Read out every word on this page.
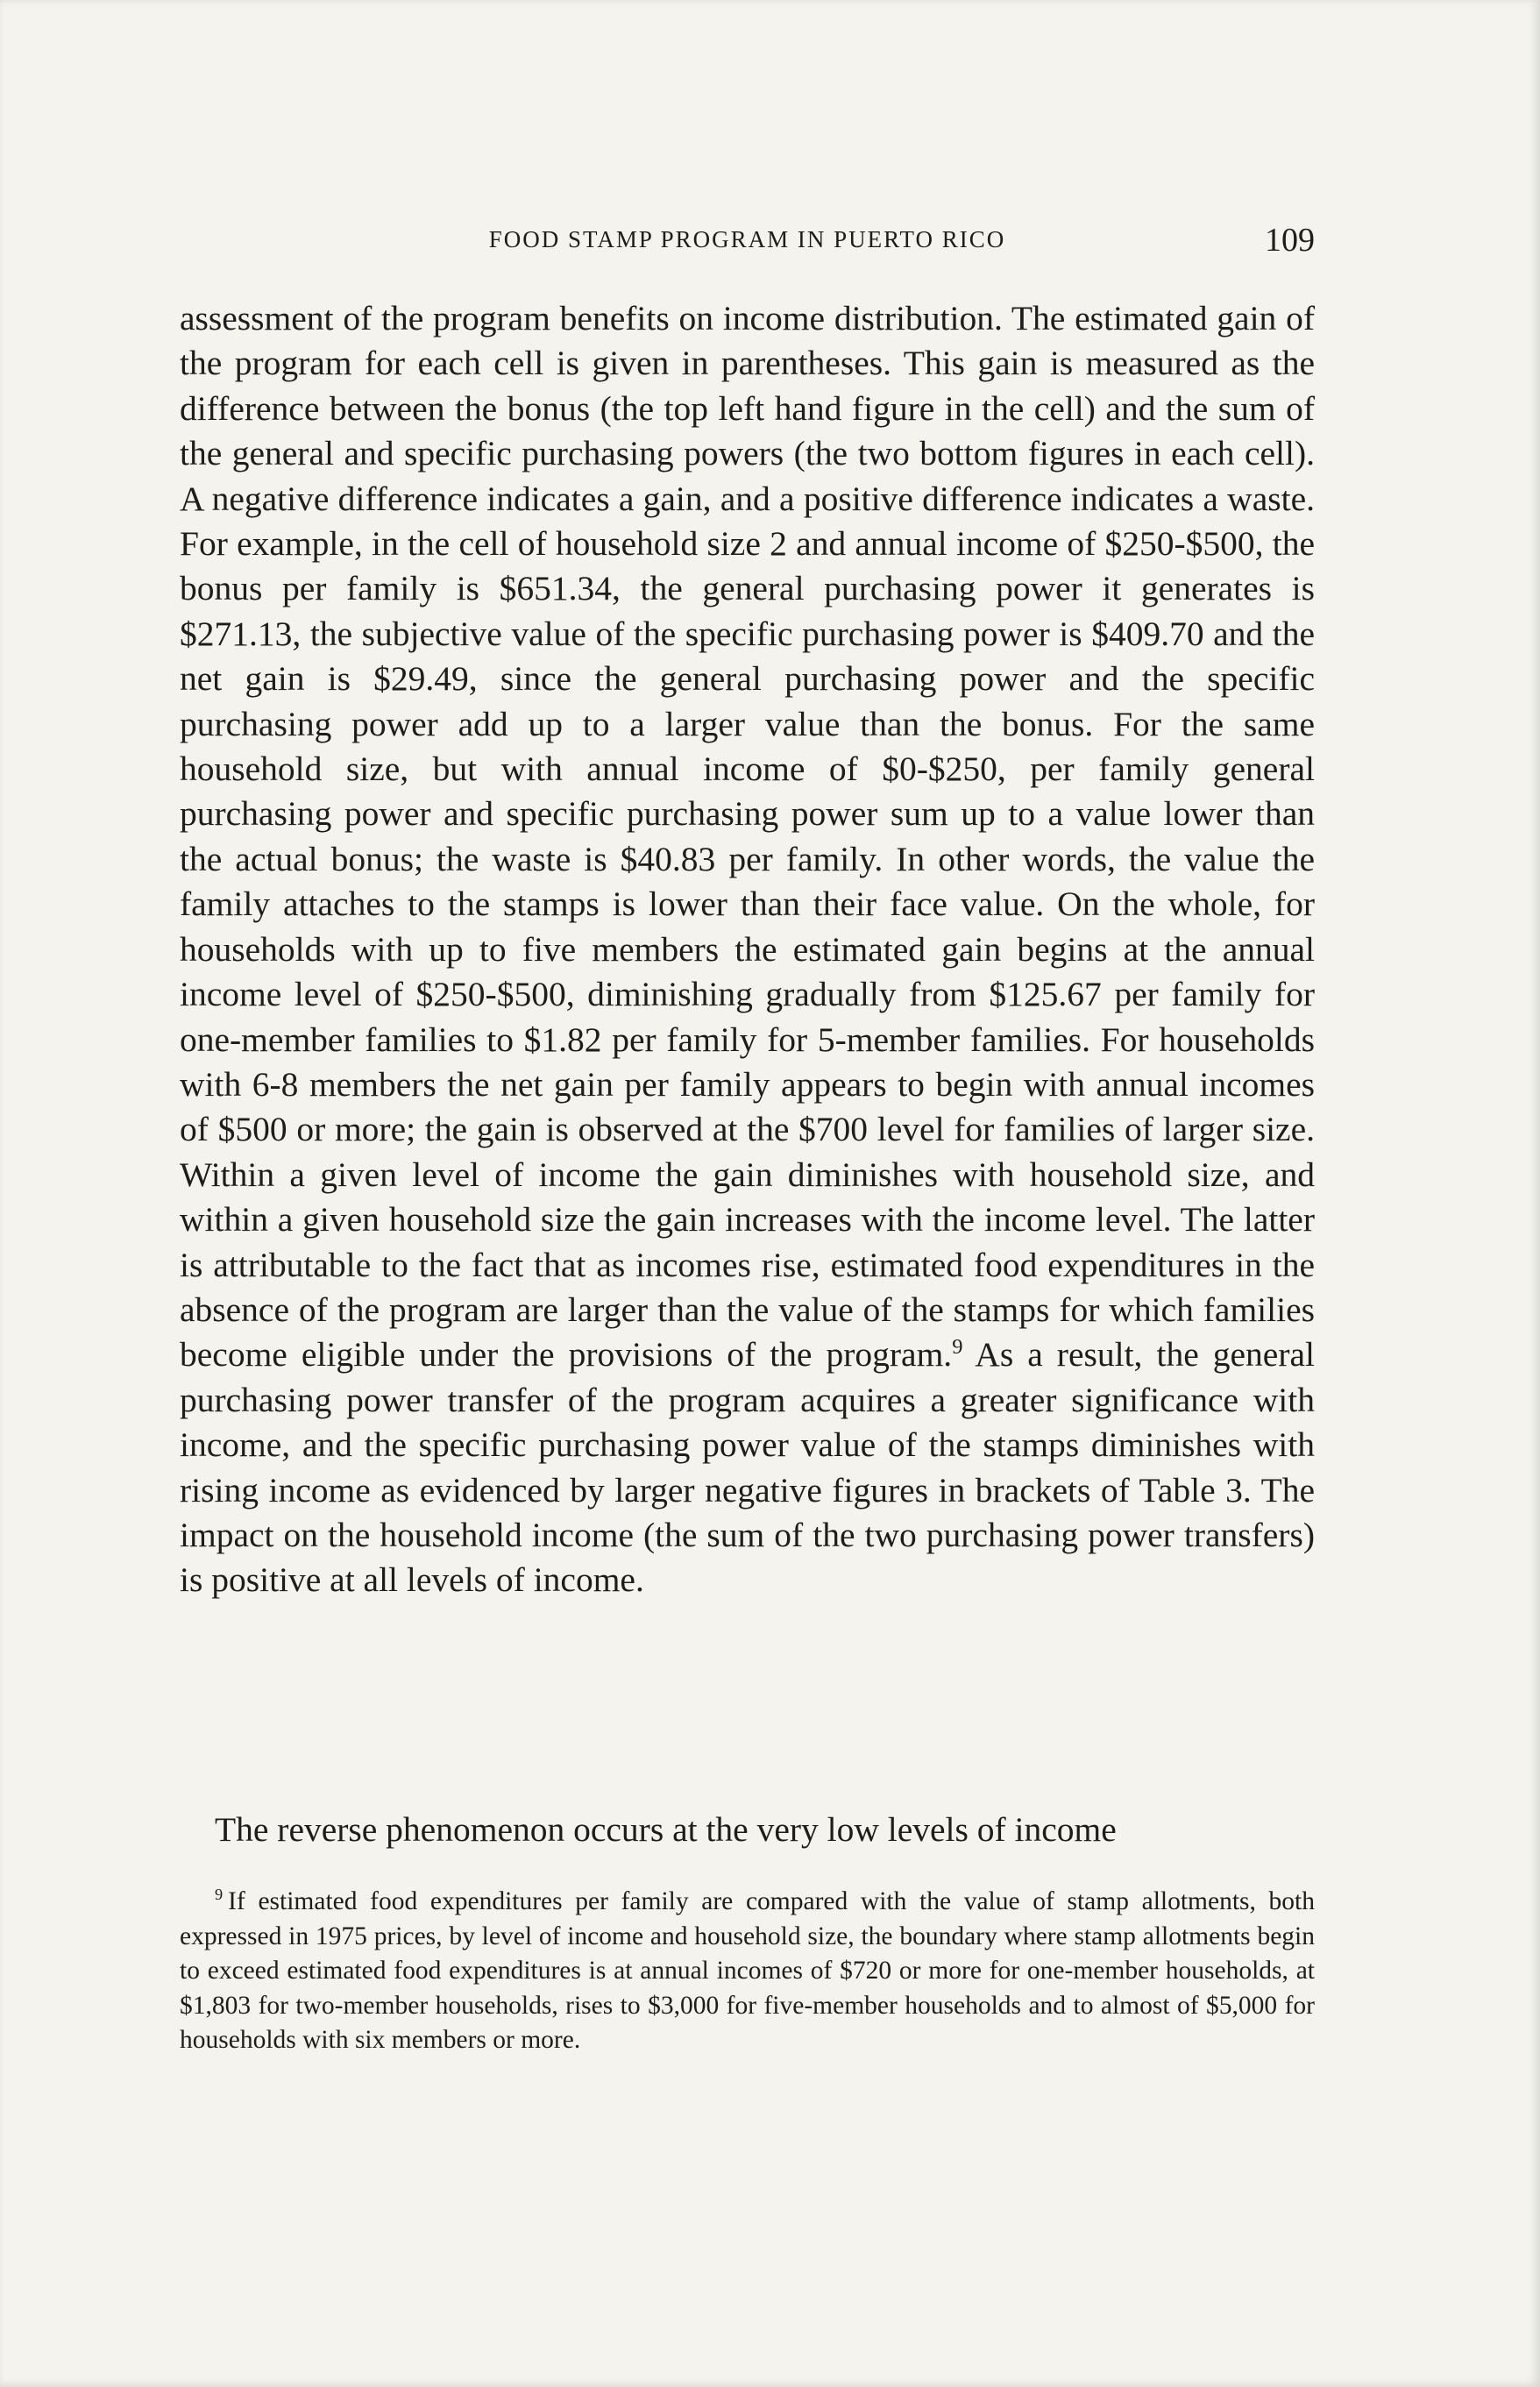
FOOD STAMP PROGRAM IN PUERTO RICO	109

assessment of the program benefits on income distribution. The estimated gain of the program for each cell is given in parentheses. This gain is measured as the difference between the bonus (the top left hand figure in the cell) and the sum of the general and specific purchasing powers (the two bottom figures in each cell). A negative difference indicates a gain, and a positive difference indicates a waste. For example, in the cell of household size 2 and annual income of $250-$500, the bonus per family is $651.34, the general purchasing power it generates is $271.13, the subjective value of the specific purchasing power is $409.70 and the net gain is $29.49, since the general purchasing power and the specific purchasing power add up to a larger value than the bonus. For the same household size, but with annual income of $0-$250, per family general purchasing power and specific purchasing power sum up to a value lower than the actual bonus; the waste is $40.83 per family. In other words, the value the family attaches to the stamps is lower than their face value. On the whole, for households with up to five members the estimated gain begins at the annual income level of $250-$500, diminishing gradually from $125.67 per family for one-member families to $1.82 per family for 5-member families. For households with 6-8 members the net gain per family appears to begin with annual incomes of $500 or more; the gain is observed at the $700 level for families of larger size. Within a given level of income the gain diminishes with household size, and within a given household size the gain increases with the income level. The latter is attributable to the fact that as incomes rise, estimated food expenditures in the absence of the program are larger than the value of the stamps for which families become eligible under the provisions of the program.$^9$ As a result, the general purchasing power transfer of the program acquires a greater significance with income, and the specific purchasing power value of the stamps diminishes with rising income as evidenced by larger negative figures in brackets of Table 3. The impact on the household income (the sum of the two purchasing power transfers) is positive at all levels of income.

The reverse phenomenon occurs at the very low levels of income
$^9$ If estimated food expenditures per family are compared with the value of stamp allotments, both expressed in 1975 prices, by level of income and household size, the boundary where stamp allotments begin to exceed estimated food expenditures is at annual incomes of $720 or more for one-member households, at $1,803 for two-member households, rises to $3,000 for five-member households and to almost of $5,000 for households with six members or more.
